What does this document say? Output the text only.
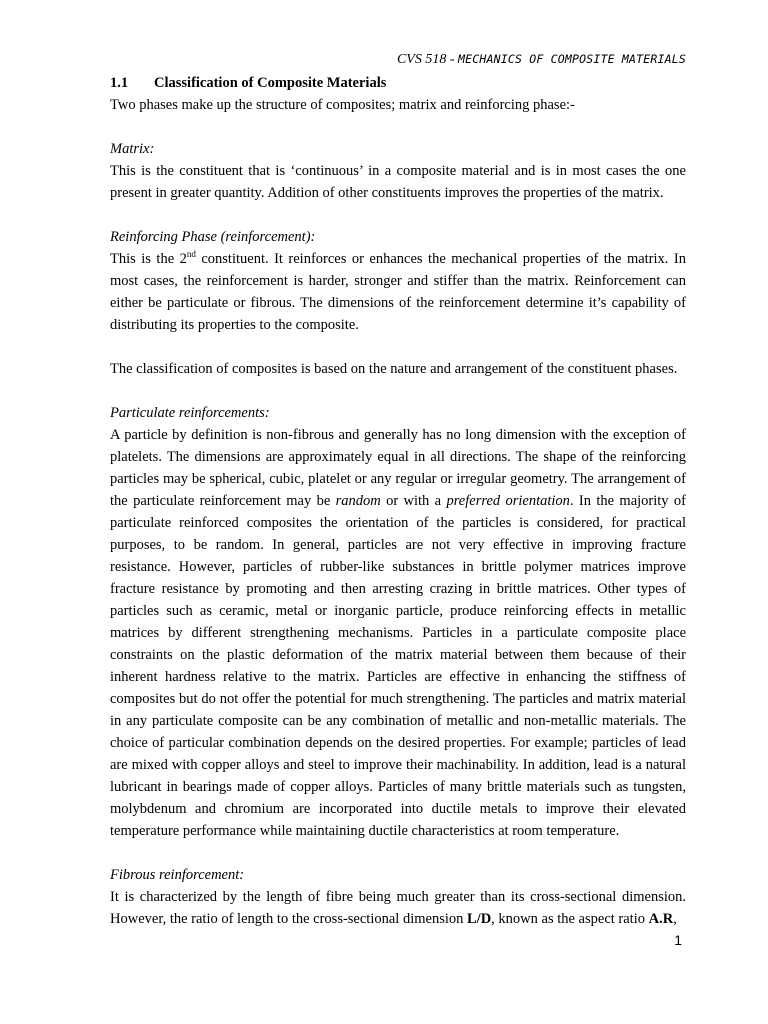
CVS 518 - MECHANICS OF COMPOSITE MATERIALS
1.1	Classification of Composite Materials

Two phases make up the structure of composites; matrix and reinforcing phase:-

Matrix:

This is the constituent that is ‘continuous’ in a composite material and is in most cases the one present in greater quantity. Addition of other constituents improves the properties of the matrix.

Reinforcing Phase (reinforcement):

This is the 2nd constituent. It reinforces or enhances the mechanical properties of the matrix. In most cases, the reinforcement is harder, stronger and stiffer than the matrix. Reinforcement can either be particulate or fibrous. The dimensions of the reinforcement determine it’s capability of distributing its properties to the composite.

The classification of composites is based on the nature and arrangement of the constituent phases.

Particulate reinforcements:

A particle by definition is non-fibrous and generally has no long dimension with the exception of platelets. The dimensions are approximately equal in all directions. The shape of the reinforcing particles may be spherical, cubic, platelet or any regular or irregular geometry. The arrangement of the particulate reinforcement may be random or with a preferred orientation. In the majority of particulate reinforced composites the orientation of the particles is considered, for practical purposes, to be random. In general, particles are not very effective in improving fracture resistance. However, particles of rubber-like substances in brittle polymer matrices improve fracture resistance by promoting and then arresting crazing in brittle matrices. Other types of particles such as ceramic, metal or inorganic particle, produce reinforcing effects in metallic matrices by different strengthening mechanisms. Particles in a particulate composite place constraints on the plastic deformation of the matrix material between them because of their inherent hardness relative to the matrix. Particles are effective in enhancing the stiffness of composites but do not offer the potential for much strengthening. The particles and matrix material in any particulate composite can be any combination of metallic and non-metallic materials. The choice of particular combination depends on the desired properties. For example; particles of lead are mixed with copper alloys and steel to improve their machinability. In addition, lead is a natural lubricant in bearings made of copper alloys. Particles of many brittle materials such as tungsten, molybdenum and chromium are incorporated into ductile metals to improve their elevated temperature performance while maintaining ductile characteristics at room temperature.

Fibrous reinforcement:

It is characterized by the length of fibre being much greater than its cross-sectional dimension. However, the ratio of length to the cross-sectional dimension L/D, known as the aspect ratio A.R,

1
